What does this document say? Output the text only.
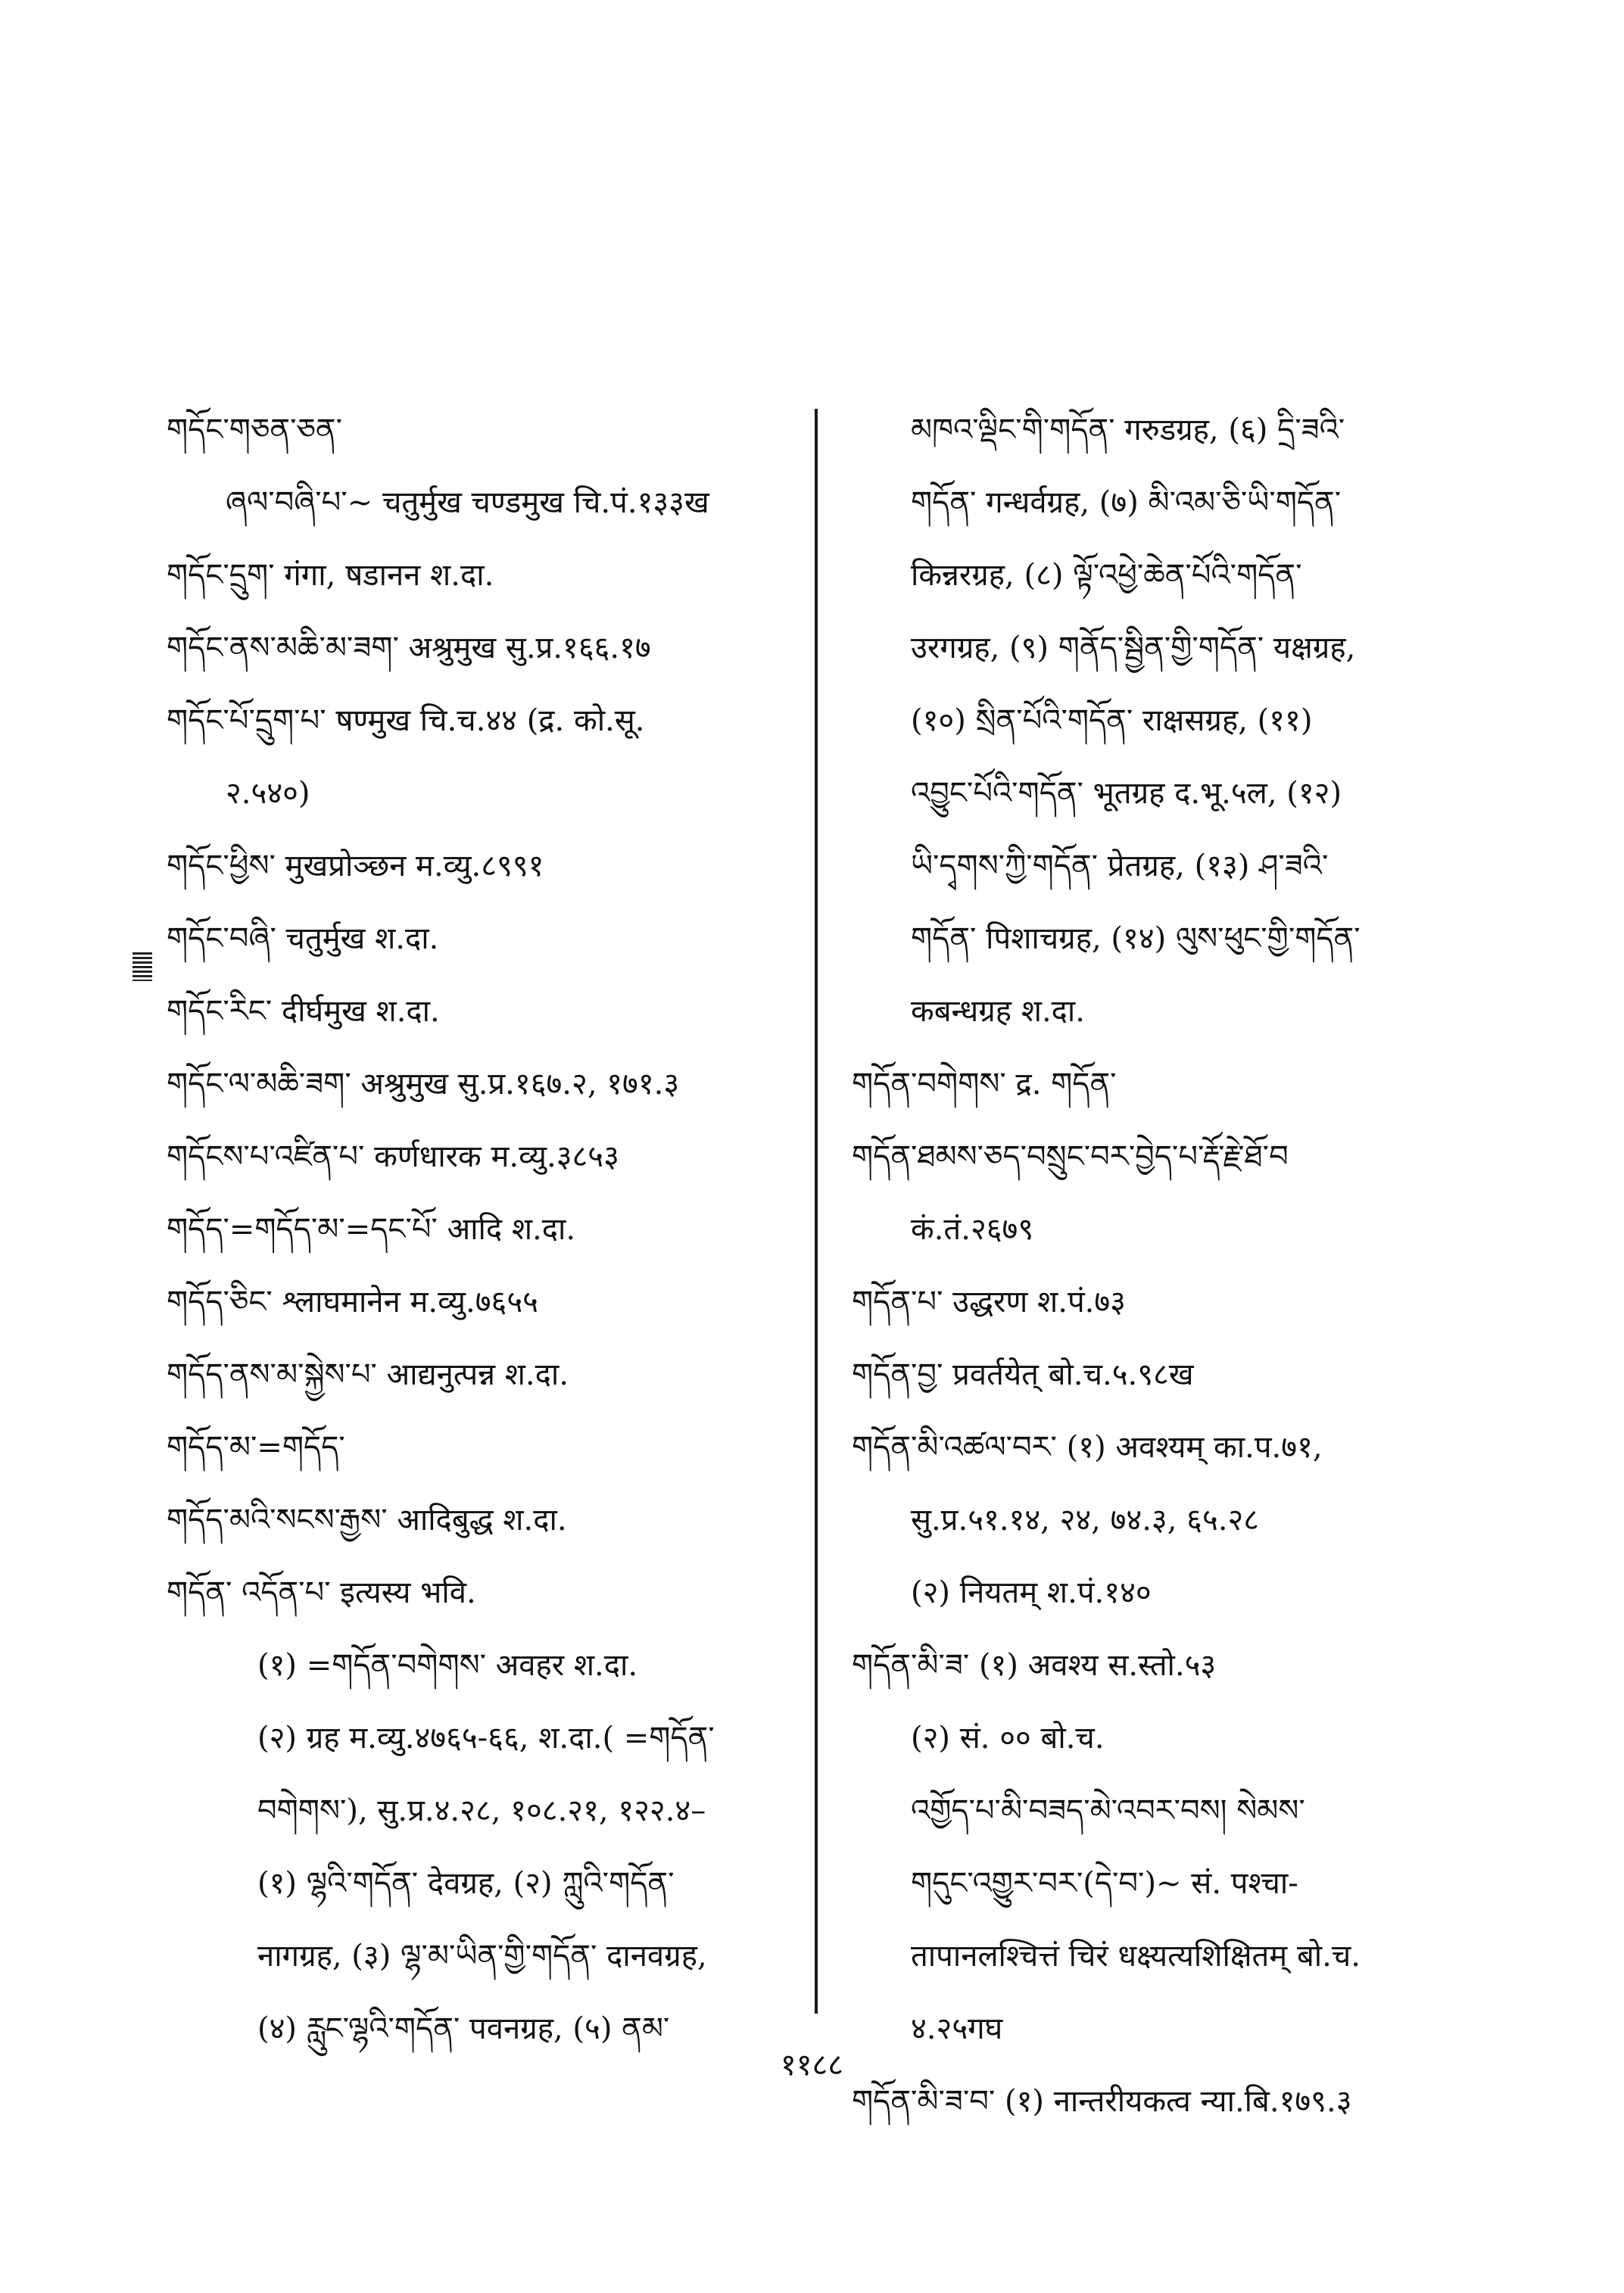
གདོང་གཅན་ཅན་
ཞལ་བཞི་པ་~ चतुर्मुख चण्डमुख चि.पं.१३३ख
གདོང་དྲུག་ गंगा, षडानन श.दा.
གདོང་ནས་མཆི་མ་ཟག་ अश्रुमुख सु.प्र.१६६.१७
གདོང་པོ་དྲུག་པ་ षण्मुख चि.च.४४ (द्र. को.सू.
२.५४०)
གདོང་ཕྱིས་ मुखप्रोञ्छन म.व्यु.८९९१
གདོང་བཞི་ चतुर्मुख श.दा.
གདོང་རིང་ दीर्घमुख श.दा.
གདོང་ལ་མཆི་ཟག་ अश्रुमुख सु.प्र.१६७.२, १७१.३
གདོངས་པ་འཛིན་པ་ कर्णधारक म.व्यु.३८५३
གདོད་=གདོད་མ་=དང་པོ་ आदि श.दा.
གདོད་ཅིང་ श्लाघमानेन म.व्यु.७६५५
གདོད་ནས་མ་སྐྱེས་པ་ आद्यनुत्पन्न श.दा.
གདོད་མ་=གདོད་
གདོད་མའི་སངས་རྒྱས་ आदिबुद्ध श.दा.
གདོན་ འདོན་པ་ इत्यस्य भवि.
(१) =གདོན་བགེགས་ अवहर श.दा.
(२) ग्रह म.व्यु.४७६५-६६, श.दा.( =གདོན་
བགེགས་), सु.प्र.४.२८, १०८.२१, १२२.४–
(१) ལྷའི་གདོན་ देवग्रह, (२) ཀླུའི་གདོན་
नागग्रह, (३) ལྷ་མ་ཡིན་གྱི་གདོན་ दानवग्रह,
(४) རླུང་ལྷའི་གདོན་ पवनग्रह, (५) ནམ་
མཁའ་ལྡིང་གི་གདོན་ गरुडग्रह, (६) དྲི་ཟའི་
གདོན་ गन्धर्वग्रह, (७) མི་འམ་ཅི་ཡི་གདོན་
किन्नरग्रह, (८) ལྟོ་འཕྱེ་ཆེན་པོའི་གདོན་
उरगग्रह, (९) གནོད་སྦྱིན་གྱི་གདོན་ यक्षग्रह,
(१०) སྲིན་པོའི་གདོན་ राक्षसग्रह, (११)
འབྱུང་པོའི་གདོན་ भूतग्रह द.भू.५ल, (१२)
ཡི་དྭགས་ཀྱི་གདོན་ प्रेतग्रह, (१३) ཤ་ཟའི་
གདོན་ पिशाचग्रह, (१४) ལུས་ཕུང་གྱི་གདོན་
कबन्धग्रह श.दा.
གདོན་བགེགས་ द्र. གདོན་
གདོན་ཐམས་ཅད་བསྲུང་བར་བྱེད་པ་རྡོ་རྗེ་ཐོ་བ
कं.तं.२६७९
གདོན་པ་ उद्धरण श.पं.७३
གདོན་བྱ་ प्रवर्तयेत् बो.च.५.९८ख
གདོན་མི་འཚལ་བར་ (१) अवश्यम् का.प.७१,
सु.प्र.५१.१४, २४, ७४.३, ६५.२८
(२) नियतम् श.पं.१४०
གདོན་མི་ཟ་ (१) अवश्य स.स्तो.५३
(२) सं. ०० बो.च.
འགྱོད་པ་མི་བཟད་མེ་འབར་བས། སེམས་
གདུང་འགྱུར་བར་(དེ་བ་)~ सं. पश्चा-
तापानलश्चित्तं चिरं धक्ष्यत्यशिक्षितम् बो.च.
४.२५गघ
གདོན་མི་ཟ་བ་ (१) नान्तरीयकत्व न्या.बि.१७९.३
११८८
